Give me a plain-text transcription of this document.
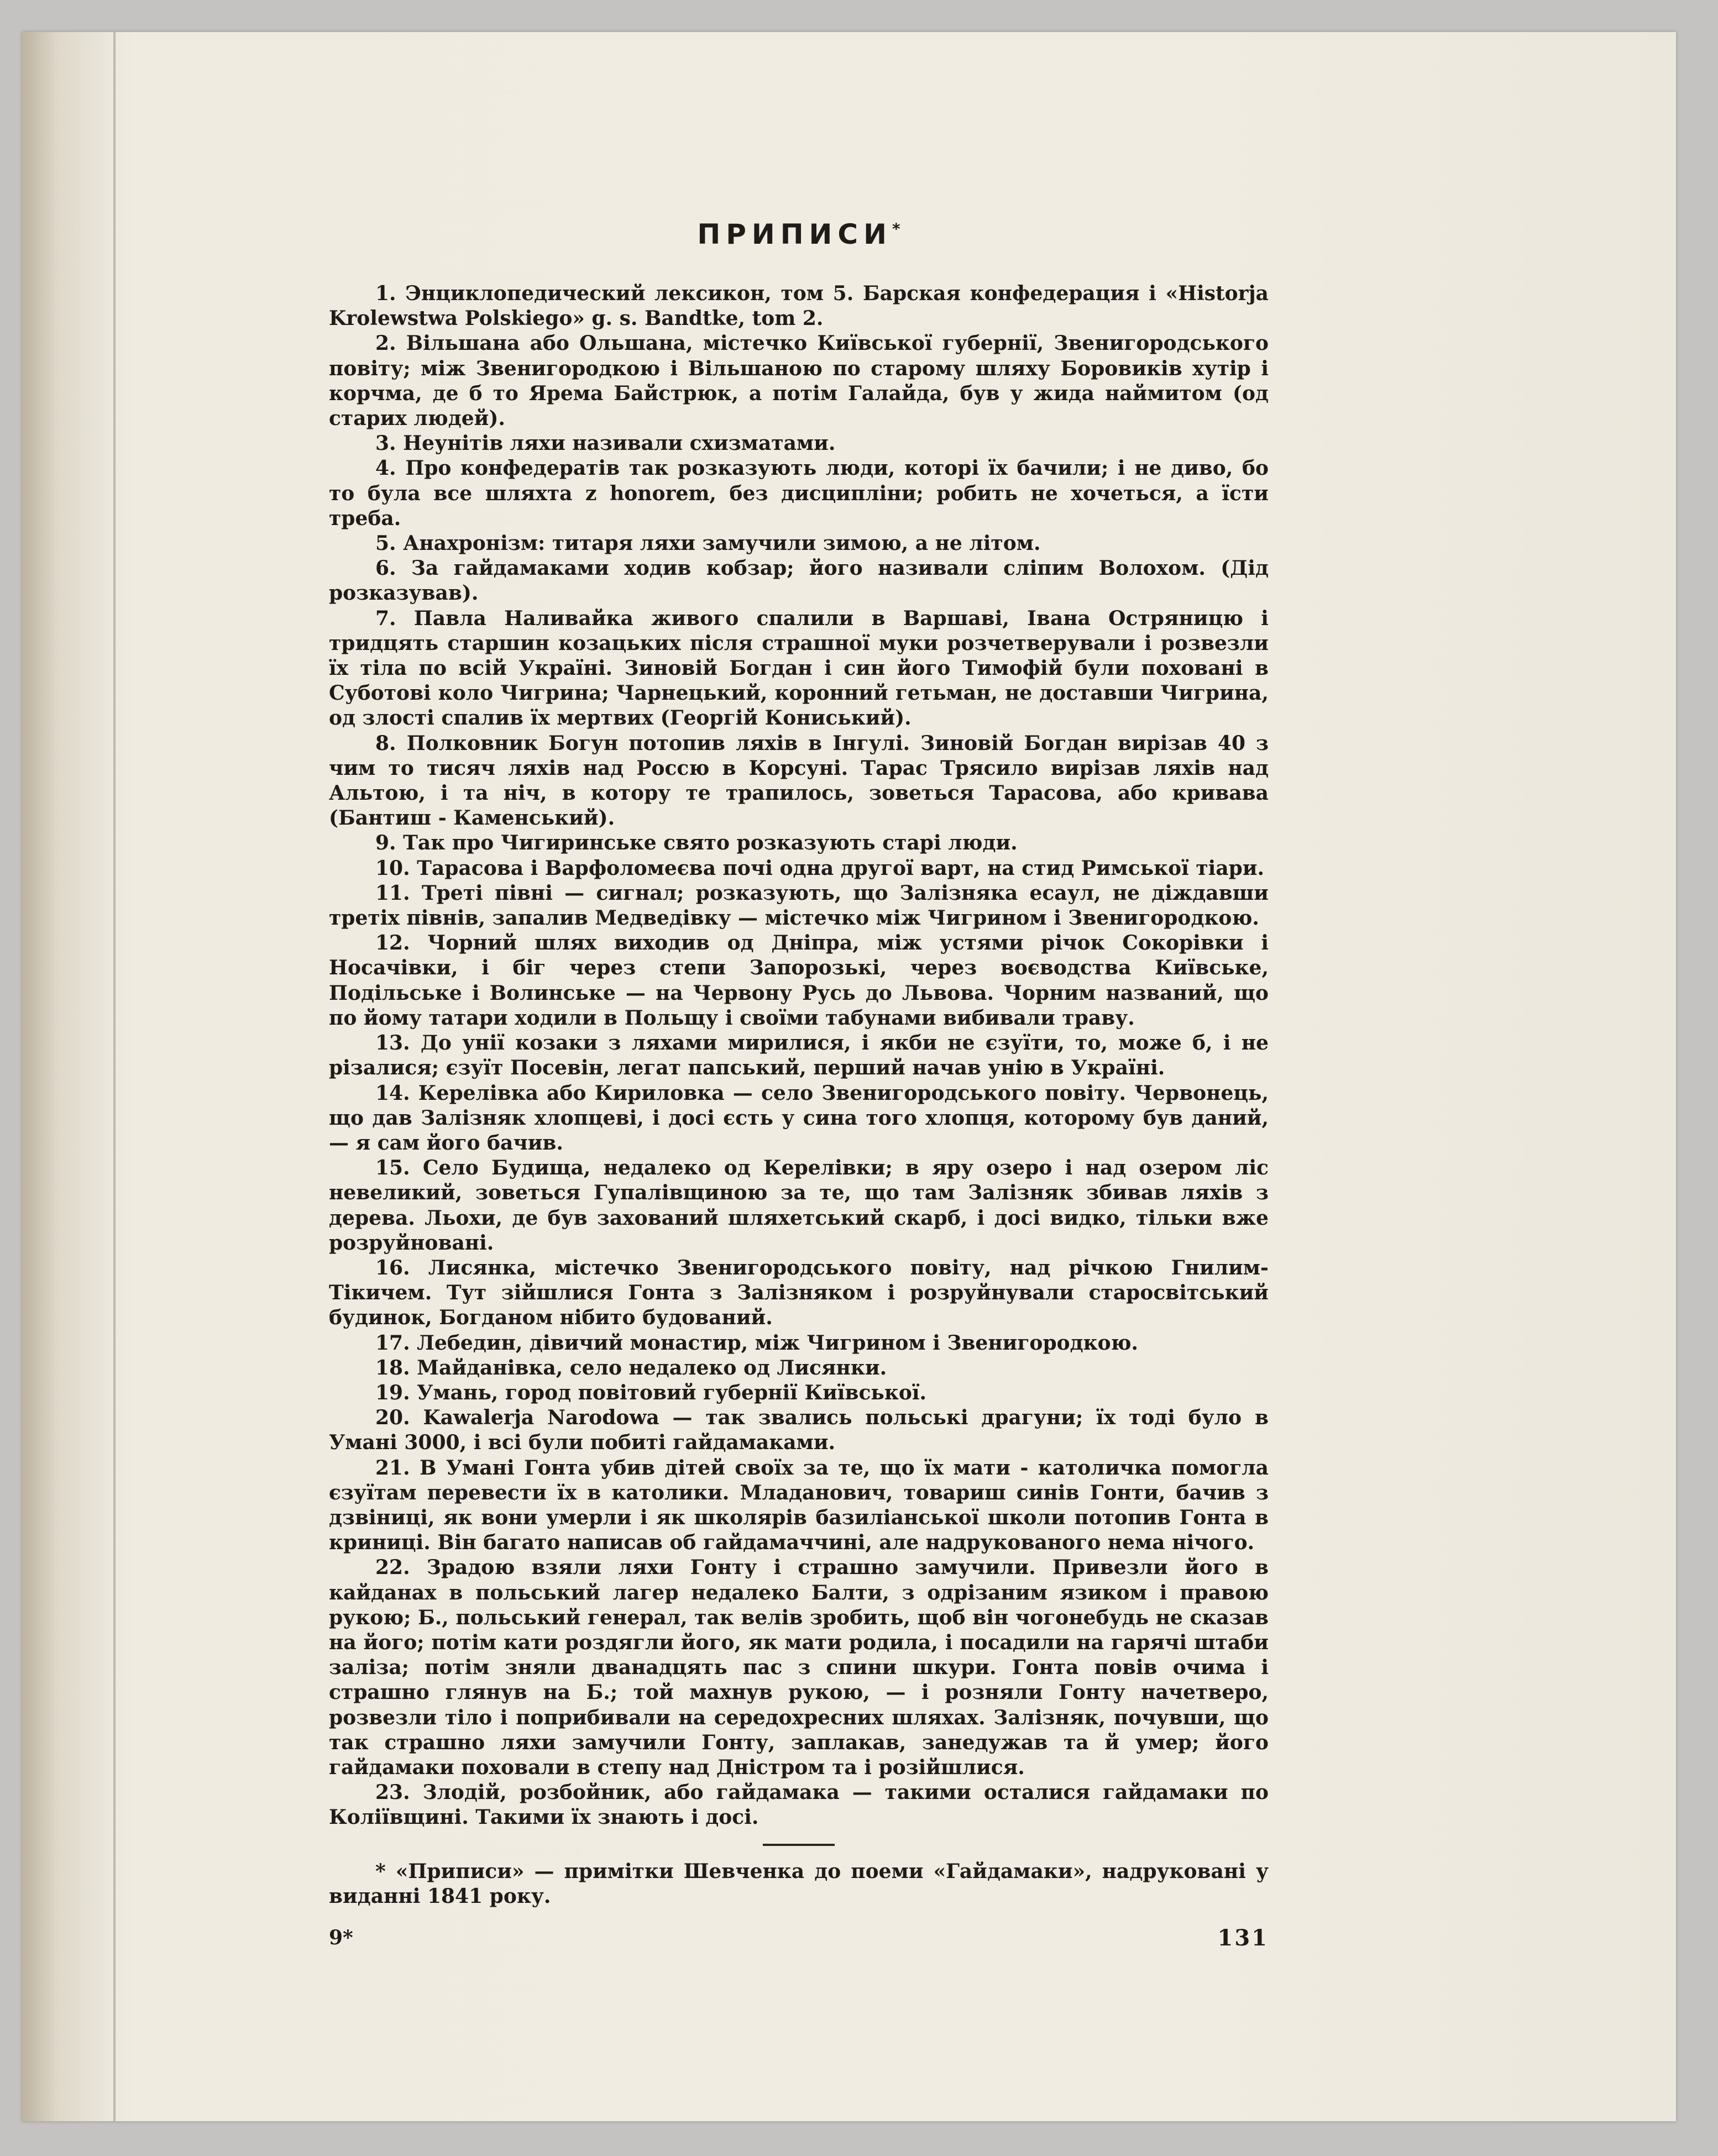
ПРИПИСИ*

1. Энциклопедический лексикон, том 5. Барская конфедерация і «Historja Krolewstwa Polskiego» g. s. Bandtke, tom 2.

2. Вільшана або Ольшана, містечко Київської губернії, Звенигородського повіту; між Звенигородкою і Вільшаною по старому шляху Боровиків хутір і корчма, де б то Ярема Байстрюк, а потім Галайда, був у жида наймитом (од старих людей).

3. Неунітів ляхи називали схизматами.

4. Про конфедератів так розказують люди, которі їх бачили; і не диво, бо то була все шляхта z honorem, без дисципліни; робить не хочеться, а їсти треба.

5. Анахронізм: титаря ляхи замучили зимою, а не літом.

6. За гайдамаками ходив кобзар; його називали сліпим Волохом. (Дід розказував).

7. Павла Наливайка живого спалили в Варшаві, Івана Остряницю і тридцять старшин козацьких після страшної муки розчетверували і розвезли їх тіла по всій Україні. Зиновій Богдан і син його Тимофій були поховані в Суботові коло Чигрина; Чарнецький, коронний гетьман, не доставши Чигрина, од злості спалив їх мертвих (Георгій Кониський).

8. Полковник Богун потопив ляхів в Інгулі. Зиновій Богдан вирізав 40 з чим то тисяч ляхів над Россю в Корсуні. Тарас Трясило вирізав ляхів над Альтою, і та ніч, в котору те трапилось, зоветься Тарасова, або кривава (Бантиш - Каменський).

9. Так про Чигиринське свято розказують старі люди.

10. Тарасова і Варфоломеєва почі одна другої варт, на стид Римської тіари.

11. Треті півні — сигнал; розказують, що Залізняка есаул, не діждавши третіх півнів, запалив Медведівку — містечко між Чигрином і Звенигородкою.

12. Чорний шлях виходив од Дніпра, між устями річок Сокорівки і Носачівки, і біг через степи Запорозькі, через воєводства Київське, Подільське і Волинське — на Червону Русь до Львова. Чорним названий, що по йому татари ходили в Польщу і своїми табунами вибивали траву.

13. До унії козаки з ляхами мирилися, і якби не єзуїти, то, може б, і не різалися; єзуїт Посевін, легат папський, перший начав унію в Україні.

14. Керелівка або Кириловка — село Звенигородського повіту. Червонець, що дав Залізняк хлопцеві, і досі єсть у сина того хлопця, которому був даний, — я сам його бачив.

15. Село Будища, недалеко од Керелівки; в яру озеро і над озером ліс невеликий, зоветься Гупалівщиною за те, що там Залізняк збивав ляхів з дерева. Льохи, де був захований шляхетський скарб, і досі видко, тільки вже розруйновані.

16. Лисянка, містечко Звенигородського повіту, над річкою Гнилим-Тікичем. Тут зійшлися Гонта з Залізняком і розруйнували старосвітський будинок, Богданом нібито будований.

17. Лебедин, дівичий монастир, між Чигрином і Звенигородкою.

18. Майданівка, село недалеко од Лисянки.

19. Умань, город повітовий губернії Київської.

20. Kawalerja Narodowa — так звались польські драгуни; їх тоді було в Умані 3000, і всі були побиті гайдамаками.

21. В Умані Гонта убив дітей своїх за те, що їх мати - католичка помогла єзуїтам перевести їх в католики. Младанович, товариш синів Гонти, бачив з дзвіниці, як вони умерли і як школярів базиліанської школи потопив Гонта в криниці. Він багато написав об гайдамаччині, але надрукованого нема нічого.

22. Зрадою взяли ляхи Гонту і страшно замучили. Привезли його в кайданах в польський лагер недалеко Балти, з одрізаним язиком і правою рукою; Б., польський генерал, так велів зробить, щоб він чогонебудь не сказав на його; потім кати роздягли його, як мати родила, і посадили на гарячі штаби заліза; потім зняли дванадцять пас з спини шкури. Гонта повів очима і страшно глянув на Б.; той махнув рукою, — і розняли Гонту начетверо, розвезли тіло і поприбивали на середохресних шляхах. Залізняк, почувши, що так страшно ляхи замучили Гонту, заплакав, занедужав та й умер; його гайдамаки поховали в степу над Дністром та і розійшлися.

23. Злодій, розбойник, або гайдамака — такими осталися гайдамаки по Коліївщині. Такими їх знають і досі.

* «Приписи» — примітки Шевченка до поеми «Гайдамаки», надруковані у виданні 1841 року.

9*	131
